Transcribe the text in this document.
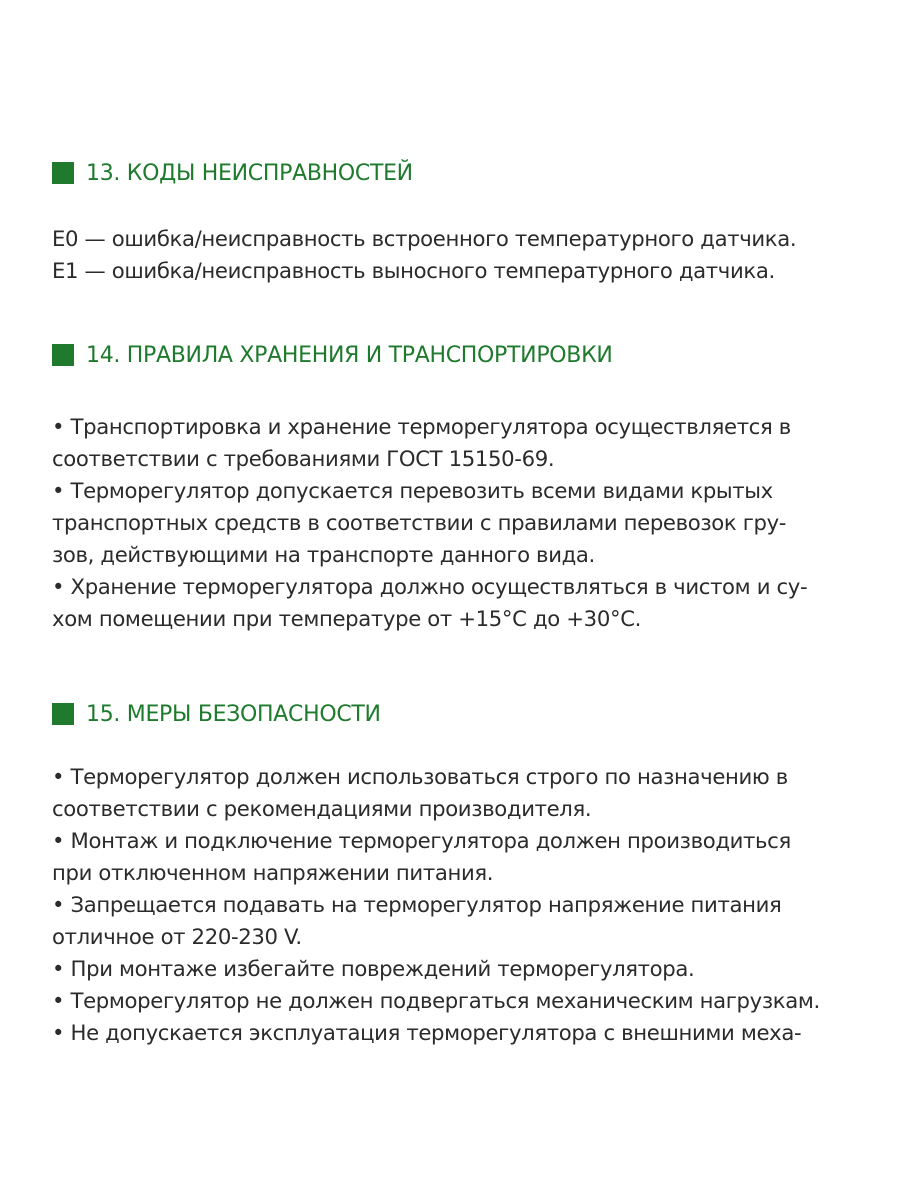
13. КОДЫ НЕИСПРАВНОСТЕЙ
Е0 — ошибка/неисправность встроенного температурного датчика.
Е1 — ошибка/неисправность выносного температурного датчика.
14. ПРАВИЛА ХРАНЕНИЯ И ТРАНСПОРТИРОВКИ
• Транспортировка и хранение терморегулятора осуществляется в
соответствии с требованиями ГОСТ 15150-69.
• Терморегулятор допускается перевозить всеми видами крытых
транспортных средств в соответствии с правилами перевозок гру-
зов, действующими на транспорте данного вида.
• Хранение терморегулятора должно осуществляться в чистом и су-
хом помещении при температуре от +15°С до +30°С.
15. МЕРЫ БЕЗОПАСНОСТИ
• Терморегулятор должен использоваться строго по назначению в
соответствии с рекомендациями производителя.
• Монтаж и подключение терморегулятора должен производиться
при отключенном напряжении питания.
• Запрещается подавать на терморегулятор напряжение питания
отличное от 220-230 V.
• При монтаже избегайте повреждений терморегулятора.
• Терморегулятор не должен подвергаться механическим нагрузкам.
• Не допускается эксплуатация терморегулятора с внешними меха-
